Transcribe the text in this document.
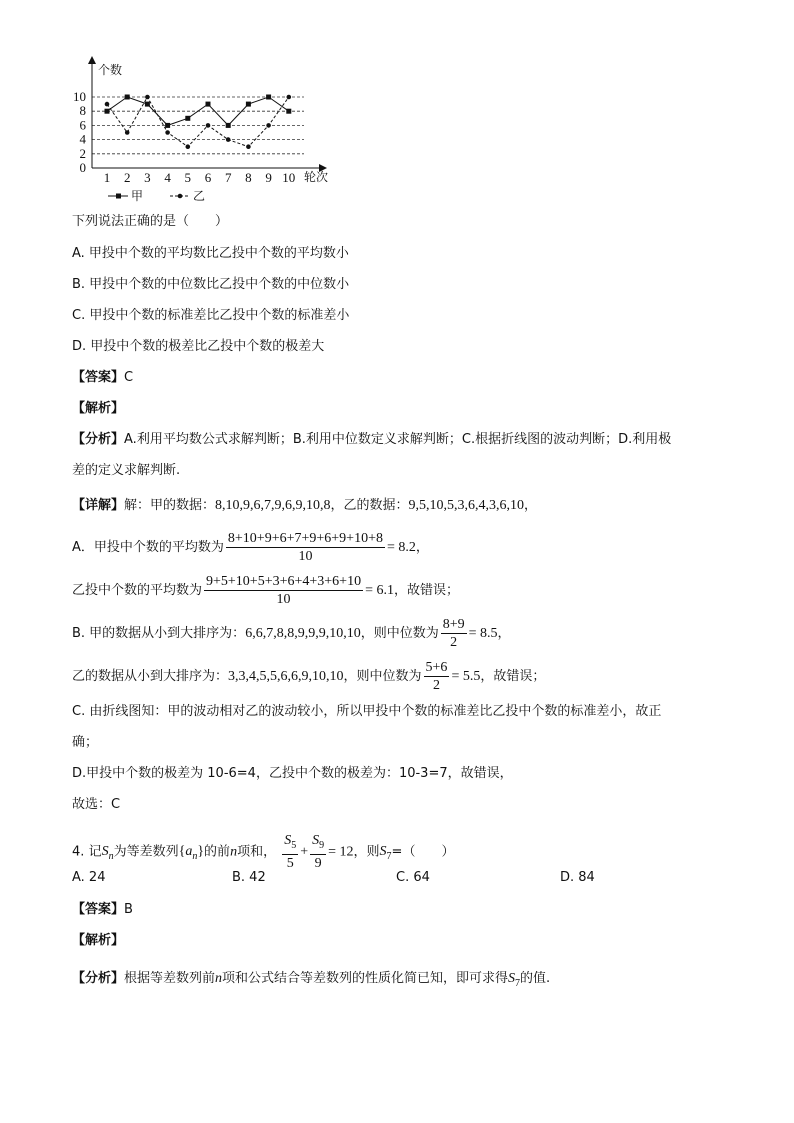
个数
轮次
0
2
4
6
8
10
1 2 3 4 5 6 7 8 9 10
甲	乙
下列说法正确的是（　　）
A. 甲投中个数的平均数比乙投中个数的平均数小
B. 甲投中个数的中位数比乙投中个数的中位数小
C. 甲投中个数的标准差比乙投中个数的标准差小
D. 甲投中个数的极差比乙投中个数的极差大
【答案】C
【解析】
【分析】A.利用平均数公式求解判断；B.利用中位数定义求解判断；C.根据折线图的波动判断；D.利用极
差的定义求解判断.
【详解】解：甲的数据：8,10,9,6,7,9,6,9,10,8，乙的数据：9,5,10,5,3,6,4,3,6,10，
A．甲投中个数的平均数为 $\frac{8+10+9+6+7+9+6+9+10+8}{10} = 8.2$，
乙投中个数的平均数为 $\frac{9+5+10+5+3+6+4+3+6+10}{10} = 6.1$，故错误；
B. 甲的数据从小到大排序为：6,6,7,8,8,9,9,9,10,10，则中位数为 $\frac{8+9}{2} = 8.5$，
乙的数据从小到大排序为：3,3,4,5,5,6,6,9,10,10，则中位数为 $\frac{5+6}{2} = 5.5$，故错误；
C. 由折线图知：甲的波动相对乙的波动较小，所以甲投中个数的标准差比乙投中个数的标准差小，故正
确；
D.甲投中个数的极差为 10-6=4，乙投中个数的极差为：10-3=7，故错误，
故选：C
4. 记$S_n$为等差数列$\{a_n\}$的前n项和， $\frac{S_5}{5} + \frac{S_9}{9} = 12$，则$S_7=$（　　）
A. 24	B. 42	C. 64	D. 84
【答案】B
【解析】
【分析】根据等差数列前n项和公式结合等差数列的性质化简已知，即可求得$S_7$的值.
